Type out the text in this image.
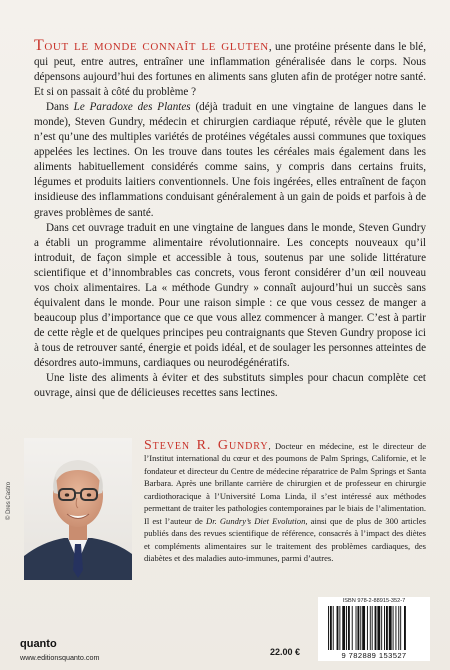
Tout le monde connaît le gluten, une protéine présente dans le blé, qui peut, entre autres, entraîner une inflammation généralisée dans le corps. Nous dépensons aujourd’hui des fortunes en aliments sans gluten afin de protéger notre santé. Et si on passait à côté du problème ?

Dans Le Paradoxe des Plantes (déjà traduit en une vingtaine de langues dans le monde), Steven Gundry, médecin et chirurgien cardiaque réputé, révèle que le gluten n’est qu’une des multiples variétés de protéines végétales aussi communes que toxiques appelées les lectines. On les trouve dans toutes les céréales mais également dans les aliments habituellement considérés comme sains, y compris dans certains fruits, légumes et produits laitiers conventionnels. Une fois ingérées, elles entraînent de façon insidieuse des inflammations conduisant généralement à un gain de poids et parfois à de graves problèmes de santé.

Dans cet ouvrage traduit en une vingtaine de langues dans le monde, Steven Gundry a établi un programme alimentaire révolutionnaire. Les concepts nouveaux qu’il introduit, de façon simple et accessible à tous, soutenus par une solide littérature scientifique et d’innombrables cas concrets, vous feront considérer d’un œil nouveau vos choix alimentaires. La « méthode Gundry » connaît aujourd’hui un succès sans équivalent dans le monde. Pour une raison simple : ce que vous cessez de manger a beaucoup plus d’importance que ce que vous allez commencer à manger. C’est à partir de cette règle et de quelques principes peu contraignants que Steven Gundry propose ici à tous de retrouver santé, énergie et poids idéal, et de soulager les personnes atteintes de désordres auto-immuns, cardiaques ou neurodégénératifs.

Une liste des aliments à éviter et des substituts simples pour chacun complète cet ouvrage, ainsi que de délicieuses recettes sans lectines.

© Dres Castro
Steven R. Gundry, Docteur en médecine, est le directeur de l’Institut international du cœur et des poumons de Palm Springs, Californie, et le fondateur et directeur du Centre de médecine réparatrice de Palm Springs et Santa Barbara. Après une brillante carrière de chirurgien et de professeur en chirurgie cardiothoracique à l’Université Loma Linda, il s’est intéressé aux méthodes permettant de traiter les pathologies contemporaines par le biais de l’alimentation. Il est l’auteur de Dr. Gundry’s Diet Evolution, ainsi que de plus de 300 articles publiés dans des revues scientifique de référence, consacrés à l’impact des diètes et compléments alimentaires sur le traitement des problèmes cardiaques, des diabètes et des maladies auto-immunes, parmi d’autres.
quanto
www.editionsquanto.com
22.00 €
ISBN 978-2-88915-352-7
9 782889 153527
